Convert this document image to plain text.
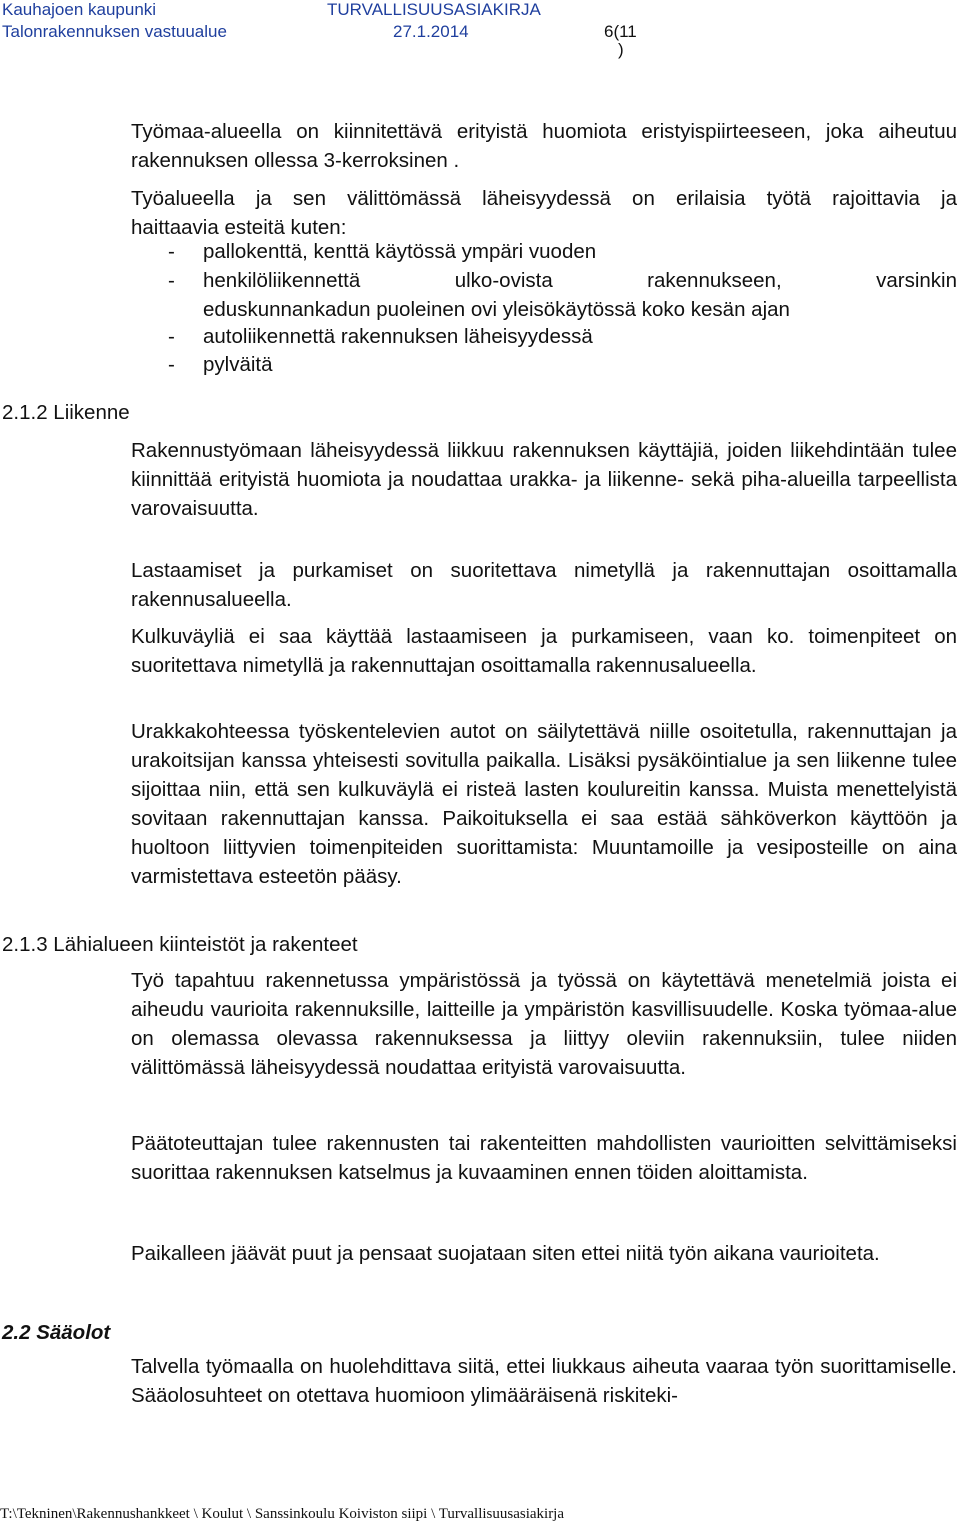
Kauhajoen kaupunki	TURVALLISUUSASIAKIRJA
Talonrakennuksen vastuualue	27.1.2014	6(11
)
Työmaa-alueella on kiinnitettävä erityistä huomiota eristyispiirteeseen, joka aiheutuu rakennuksen ollessa 3-kerroksinen .
Työalueella ja sen välittömässä läheisyydessä on erilaisia työtä rajoittavia ja
haittaavia esteitä kuten:
- pallokenttä, kenttä käytössä ympäri vuoden
- henkilöliikennettä ulko-ovista rakennukseen, varsinkin
eduskunnankadun puoleinen ovi yleisökäytössä koko kesän ajan
- autoliikennettä rakennuksen läheisyydessä
- pylväitä
2.1.2 Liikenne
Rakennustyömaan läheisyydessä liikkuu rakennuksen käyttäjiä, joiden liikehdintään tulee kiinnittää erityistä huomiota ja noudattaa urakka- ja liikenne- sekä piha-alueilla tarpeellista varovaisuutta.
Lastaamiset ja purkamiset on suoritettava nimetyllä ja rakennuttajan osoittamalla rakennusalueella.
Kulkuväyliä ei saa käyttää lastaamiseen ja purkamiseen, vaan ko. toimenpiteet on suoritettava nimetyllä ja rakennuttajan osoittamalla rakennusalueella.
Urakkakohteessa työskentelevien autot on säilytettävä niille osoitetulla, rakennuttajan ja urakoitsijan kanssa yhteisesti sovitulla paikalla. Lisäksi pysäköintialue ja sen liikenne tulee sijoittaa niin, että sen kulkuväylä ei risteä lasten koulureitin kanssa. Muista menettelyistä sovitaan rakennuttajan kanssa. Paikoituksella ei saa estää sähköverkon käyttöön ja huoltoon liittyvien toimenpiteiden suorittamista: Muuntamoille ja vesiposteille on aina varmistettava esteetön pääsy.
2.1.3 Lähialueen kiinteistöt ja rakenteet
Työ tapahtuu rakennetussa ympäristössä ja työssä on käytettävä menetelmiä joista ei aiheudu vaurioita rakennuksille, laitteille ja ympäristön kasvillisuudelle. Koska työmaa-alue on olemassa olevassa rakennuksessa ja liittyy oleviin rakennuksiin, tulee niiden välittömässä läheisyydessä noudattaa erityistä varovaisuutta.
Päätoteuttajan tulee rakennusten tai rakenteitten mahdollisten vaurioitten selvittämiseksi suorittaa rakennuksen katselmus ja kuvaaminen ennen töiden aloittamista.
Paikalleen jäävät puut ja pensaat suojataan siten ettei niitä työn aikana vaurioiteta.
2.2 Sääolot
Talvella työmaalla on huolehdittava siitä, ettei liukkaus aiheuta vaaraa työn suorittamiselle. Sääolosuhteet on otettava huomioon ylimääräisenä riskiteki-
T:\Tekninen\Rakennushankkeet \ Koulut \ Sanssinkoulu Koiviston siipi \ Turvallisuusasiakirja
